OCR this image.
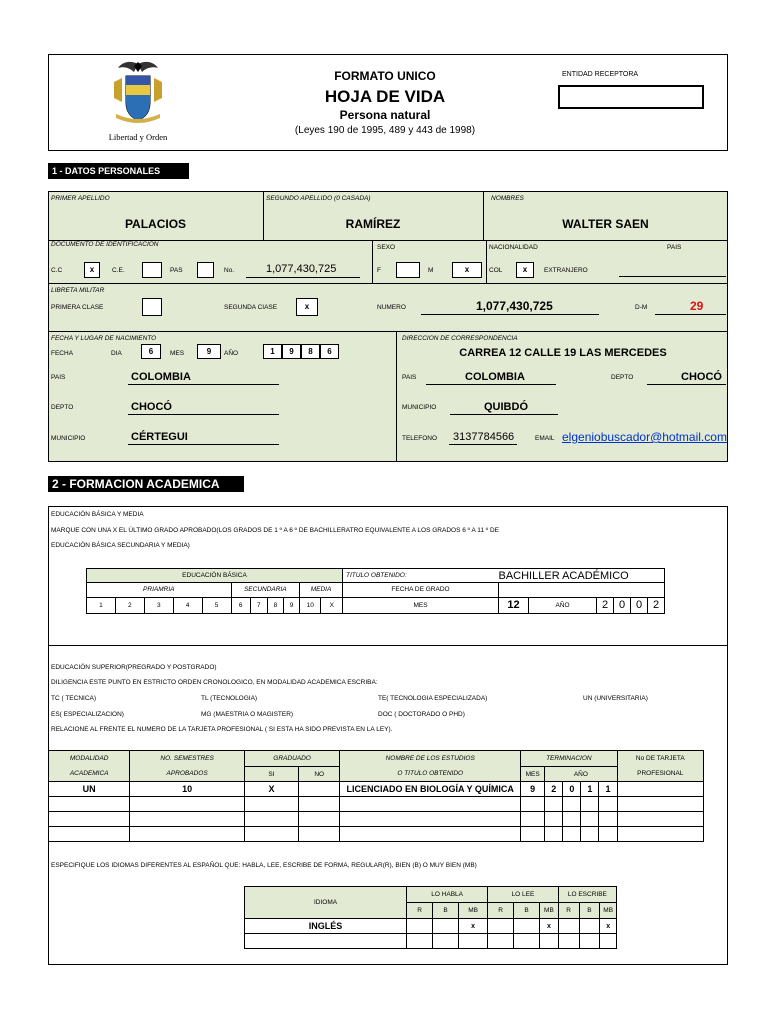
Libertad y Orden
FORMATO UNICO
HOJA DE VIDA
Persona natural
(Leyes 190 de 1995, 489 y 443 de 1998)
ENTIDAD RECEPTORA
1 - DATOS PERSONALES
PRIMER APELLIDO
PALACIOS
SEGUNDO APELLIDO (0 CASADA)
RAMÍREZ
NOMBRES
WALTER SAEN
DOCUMENTO DE IDENTIFICACION
C.C	x	C.E.	PAS	No.	1,077,430,725
SEXO
F	M	x
NACIONALIDAD	PAIS
COL	x	EXTRANJERO
LIBRETA MILITAR
PRIMERA CLASE	SEGUNDA CIASE	x	NUMERO	1,077,430,725	D-M	29
FECHA Y LUGAR DE NACIMIENTO
FECHA	DIA	6	MES	9	AÑO	1	9	8	6
PAIS	COLOMBIA
DEPTO	CHOCÓ
MUNICIPIO	CÉRTEGUI
DIRECCION DE CORRESPONDENCIA
CARREA 12 CALLE 19 LAS MERCEDES
PAIS	COLOMBIA	DEPTO	CHOCÓ
MUNICIPIO	QUIBDÓ
TELEFONO 3137784566	EMAIL elgeniobuscador@hotmail.com
2 - FORMACION ACADEMICA
EDUCACIÓN BÁSICA Y MEDIA
MARQUE CON UNA X EL ÚLTIMO GRADO APROBADO(LOS GRADOS DE 1 º A 6 º DE BACHILLERATRO EQUIVALENTE A LOS GRADOS 6 º A 11 º DE
EDUCACIÓN BÁSICA SECUNDARIA Y MEDIA)
EDUCACIÓN BÁSICA											TITULO OBTENIDO:	BACHILLER ACADÉMICO					
PRIAMRIA					SECUNDARIA				MEDIA		FECHA DE GRADO						
1	2	3	4	5	6	7	8	9	10	X	MES	12	AÑO	2	0	0	2
EDUCACIÓN SUPERIOR(PREGRADO Y POSTGRADO)
DILIGENCIA ESTE PUNTO EN ESTRICTO ORDEN CRONOLOGICO, EN MODALIDAD ACADEMICA ESCRIBA:
TC ( TECNICA)	TL (TECNOLOGIA)	TE( TECNOLOGIA ESPECIALIZADA)	UN (UNIVERSITARIA)
ES( ESPECIALIZACION)	MG (MAESTRIA O MAGISTER)	DOC ( DOCTORADO O PHD)
RELACIONE AL FRENTE EL NUMERO DE LA TARJETA PROFESIONAL ( SI ESTA HA SIDO PREVISTA EN LA LEY).
MODALIDAD	NO. SEMESTRES	GRADUADO		NOMBRE DE LOS ESTUDIOS	TERMINACION					No DE TARJETA
ACADEMICA	APROBADOS	SI	NO	O TITULO OBTENIDO	MES	AÑO				PROFESIONAL
UN	10	X		LICENCIADO EN BIOLOGÍA Y QUÍMICA	9	2	0	1	1	

ESPECIFIQUE LOS IDIOMAS DIFERENTES AL ESPAÑOL QUE: HABLA, LEE, ESCRIBE DE FORMA, REGULAR(R), BIEN (B) O MUY BIEN (MB)
IDIOMA	LO HABLA			LO LEE			LO ESCRIBE		
	R	B	MB	R	B	MB	R	B	MB
INGLÉS			x			x			x
